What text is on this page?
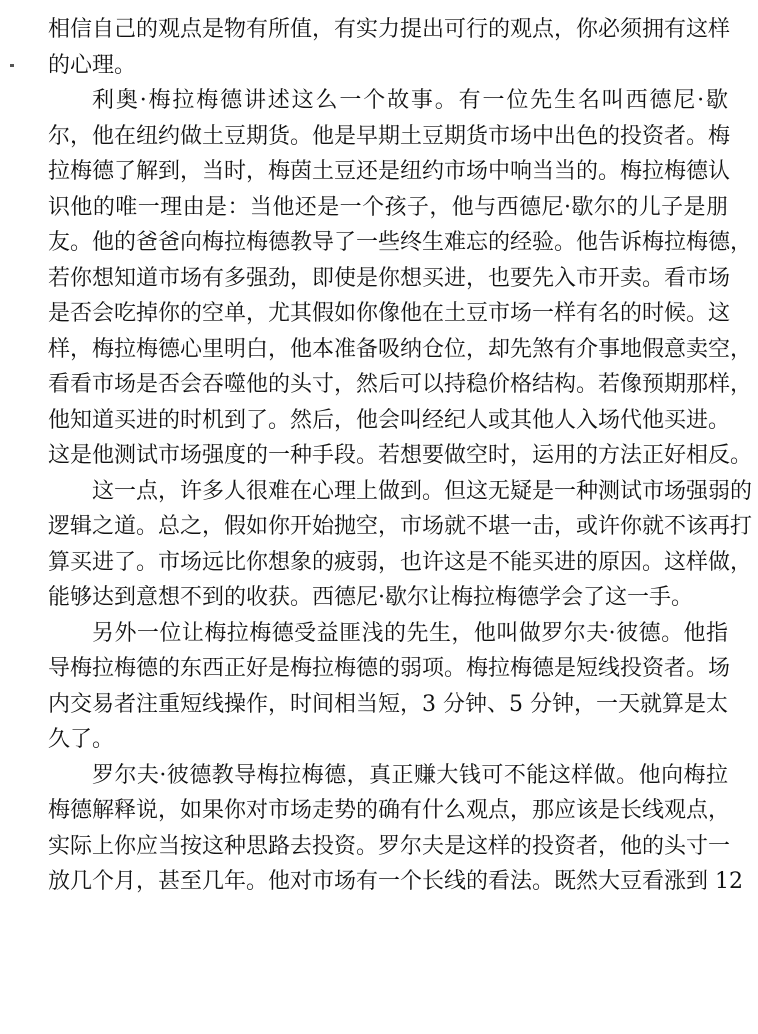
相信自己的观点是物有所值，有实力提出可行的观点，你必须拥有这样
的心理。
利奥·梅拉梅德讲述这么一个故事。有一位先生名叫西德尼·歇
尔，他在纽约做土豆期货。他是早期土豆期货市场中出色的投资者。梅
拉梅德了解到，当时，梅茵土豆还是纽约市场中响当当的。梅拉梅德认
识他的唯一理由是：当他还是一个孩子，他与西德尼·歇尔的儿子是朋
友。他的爸爸向梅拉梅德教导了一些终生难忘的经验。他告诉梅拉梅德，
若你想知道市场有多强劲，即使是你想买进，也要先入市开卖。看市场
是否会吃掉你的空单，尤其假如你像他在土豆市场一样有名的时候。这
样，梅拉梅德心里明白，他本准备吸纳仓位，却先煞有介事地假意卖空，
看看市场是否会吞噬他的头寸，然后可以持稳价格结构。若像预期那样，
他知道买进的时机到了。然后，他会叫经纪人或其他人入场代他买进。
这是他测试市场强度的一种手段。若想要做空时，运用的方法正好相反。
这一点，许多人很难在心理上做到。但这无疑是一种测试市场强弱的
逻辑之道。总之，假如你开始抛空，市场就不堪一击，或许你就不该再打
算买进了。市场远比你想象的疲弱，也许这是不能买进的原因。这样做，
能够达到意想不到的收获。西德尼·歇尔让梅拉梅德学会了这一手。
另外一位让梅拉梅德受益匪浅的先生，他叫做罗尔夫·彼德。他指
导梅拉梅德的东西正好是梅拉梅德的弱项。梅拉梅德是短线投资者。场
内交易者注重短线操作，时间相当短，3 分钟、5 分钟，一天就算是太
久了。
罗尔夫·彼德教导梅拉梅德，真正赚大钱可不能这样做。他向梅拉
梅德解释说，如果你对市场走势的确有什么观点，那应该是长线观点，
实际上你应当按这种思路去投资。罗尔夫是这样的投资者，他的头寸一
放几个月，甚至几年。他对市场有一个长线的看法。既然大豆看涨到 12
